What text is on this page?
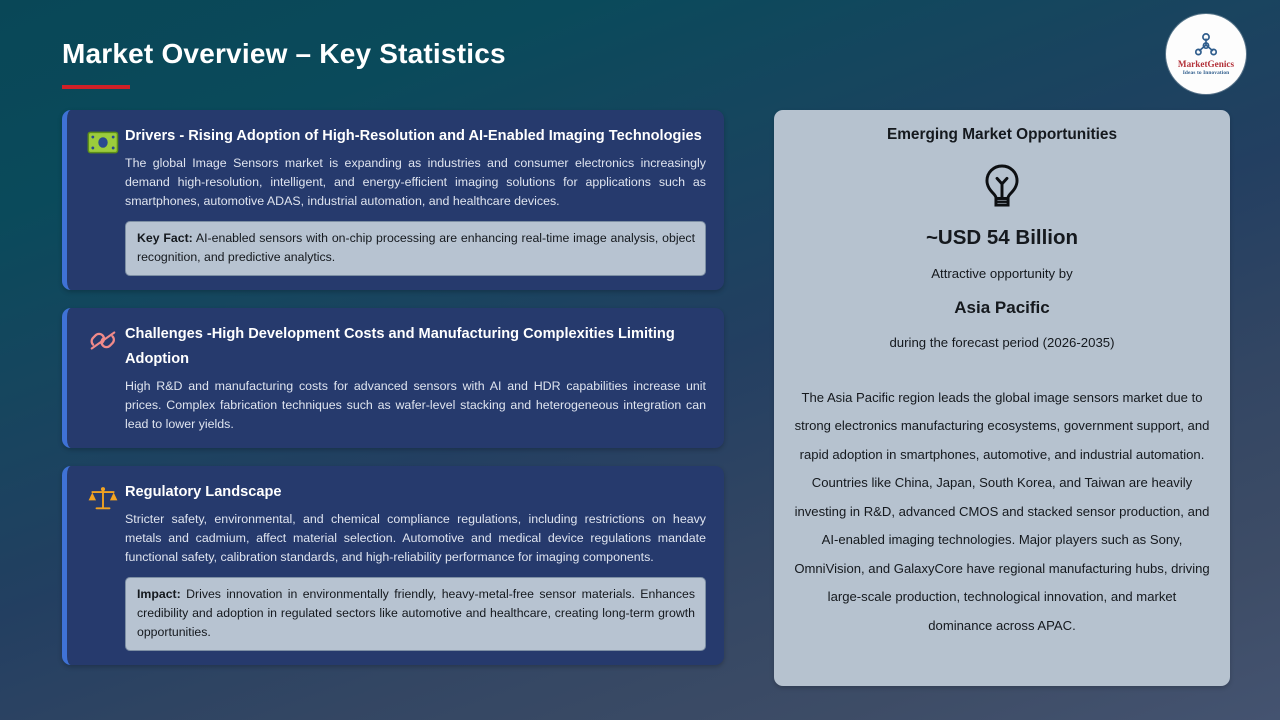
Market Overview – Key Statistics	MarketGenics
Ideas to Innovation
Drivers - Rising Adoption of High-Resolution and AI-Enabled Imaging Technologies
The global Image Sensors market is expanding as industries and consumer electronics increasingly demand high-resolution, intelligent, and energy-efficient imaging solutions for applications such as smartphones, automotive ADAS, industrial automation, and healthcare devices.
Key Fact: AI-enabled sensors with on-chip processing are enhancing real-time image analysis, object recognition, and predictive analytics.
Challenges -High Development Costs and Manufacturing Complexities Limiting Adoption
High R&D and manufacturing costs for advanced sensors with AI and HDR capabilities increase unit prices. Complex fabrication techniques such as wafer-level stacking and heterogeneous integration can lead to lower yields.
Regulatory Landscape
Stricter safety, environmental, and chemical compliance regulations, including restrictions on heavy metals and cadmium, affect material selection. Automotive and medical device regulations mandate functional safety, calibration standards, and high-reliability performance for imaging components.
Impact: Drives innovation in environmentally friendly, heavy-metal-free sensor materials. Enhances credibility and adoption in regulated sectors like automotive and healthcare, creating long-term growth opportunities.
Emerging Market Opportunities
~USD 54 Billion
Attractive opportunity by
Asia Pacific
during the forecast period (2026-2035)
The Asia Pacific region leads the global image sensors market due to strong electronics manufacturing ecosystems, government support, and rapid adoption in smartphones, automotive, and industrial automation. Countries like China, Japan, South Korea, and Taiwan are heavily investing in R&D, advanced CMOS and stacked sensor production, and AI-enabled imaging technologies. Major players such as Sony, OmniVision, and GalaxyCore have regional manufacturing hubs, driving large-scale production, technological innovation, and market dominance across APAC.
